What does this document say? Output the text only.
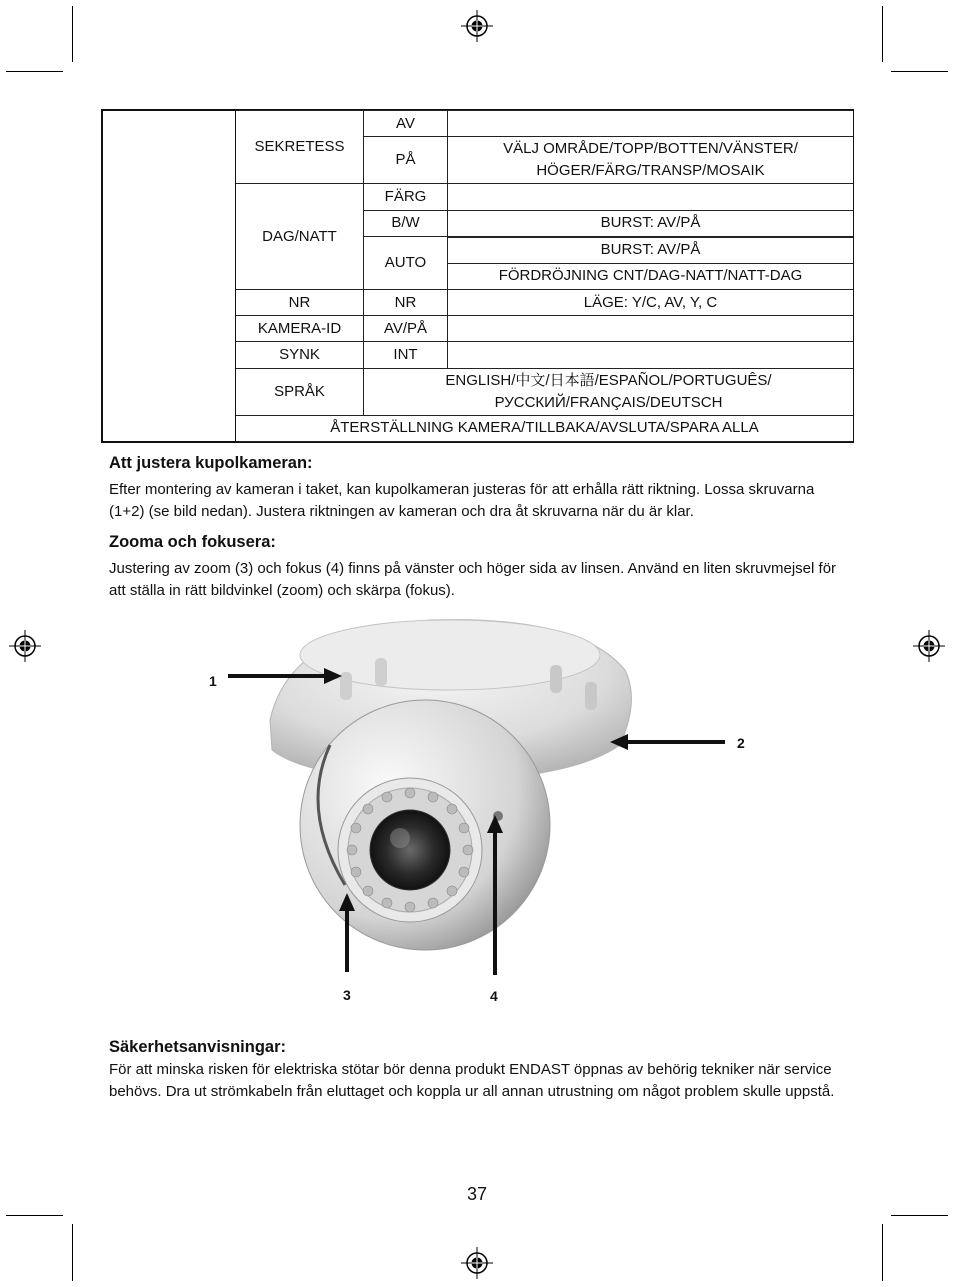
	SEKRETESS	AV	
		PÅ	VÄLJ OMRÅDE/TOPP/BOTTEN/VÄNSTER/
HÖGER/FÄRG/TRANSP/MOSAIK

	DAG/NATT	FÄRG	
		B/W	BURST: AV/PÅ
		AUTO	BURST: AV/PÅ
			FÖRDRÖJNING CNT/DAG-NATT/NATT-DAG
	NR	NR	LÄGE: Y/C, AV, Y, C
	KAMERA-ID	AV/PÅ	
	SYNK	INT	
	SPRÅK	ENGLISH/中文/日本語/ESPAÑOL/PORTUGUÊS/
РУССКИЙ/FRANÇAIS/DEUTSCH	

	ÅTERSTÄLLNING KAMERA/TILLBAKA/AVSLUTA/SPARA ALLA		
Att justera kupolkameran:

Efter montering av kameran i taket, kan kupolkameran justeras för att erhålla rätt riktning. Lossa skruvarna (1+2) (se bild nedan). Justera riktningen av kameran och dra åt skruvarna när du är klar.

Zooma och fokusera:

Justering av zoom (3) och fokus (4) finns på vänster och höger sida av linsen. Använd en liten skruvmejsel för att ställa in rätt bildvinkel (zoom) och skärpa (fokus).

1
2
3	4
Säkerhetsanvisningar:

För att minska risken för elektriska stötar bör denna produkt ENDAST öppnas av behörig tekniker när service behövs. Dra ut strömkabeln från eluttaget och koppla ur all annan utrustning om något problem skulle uppstå.

37
